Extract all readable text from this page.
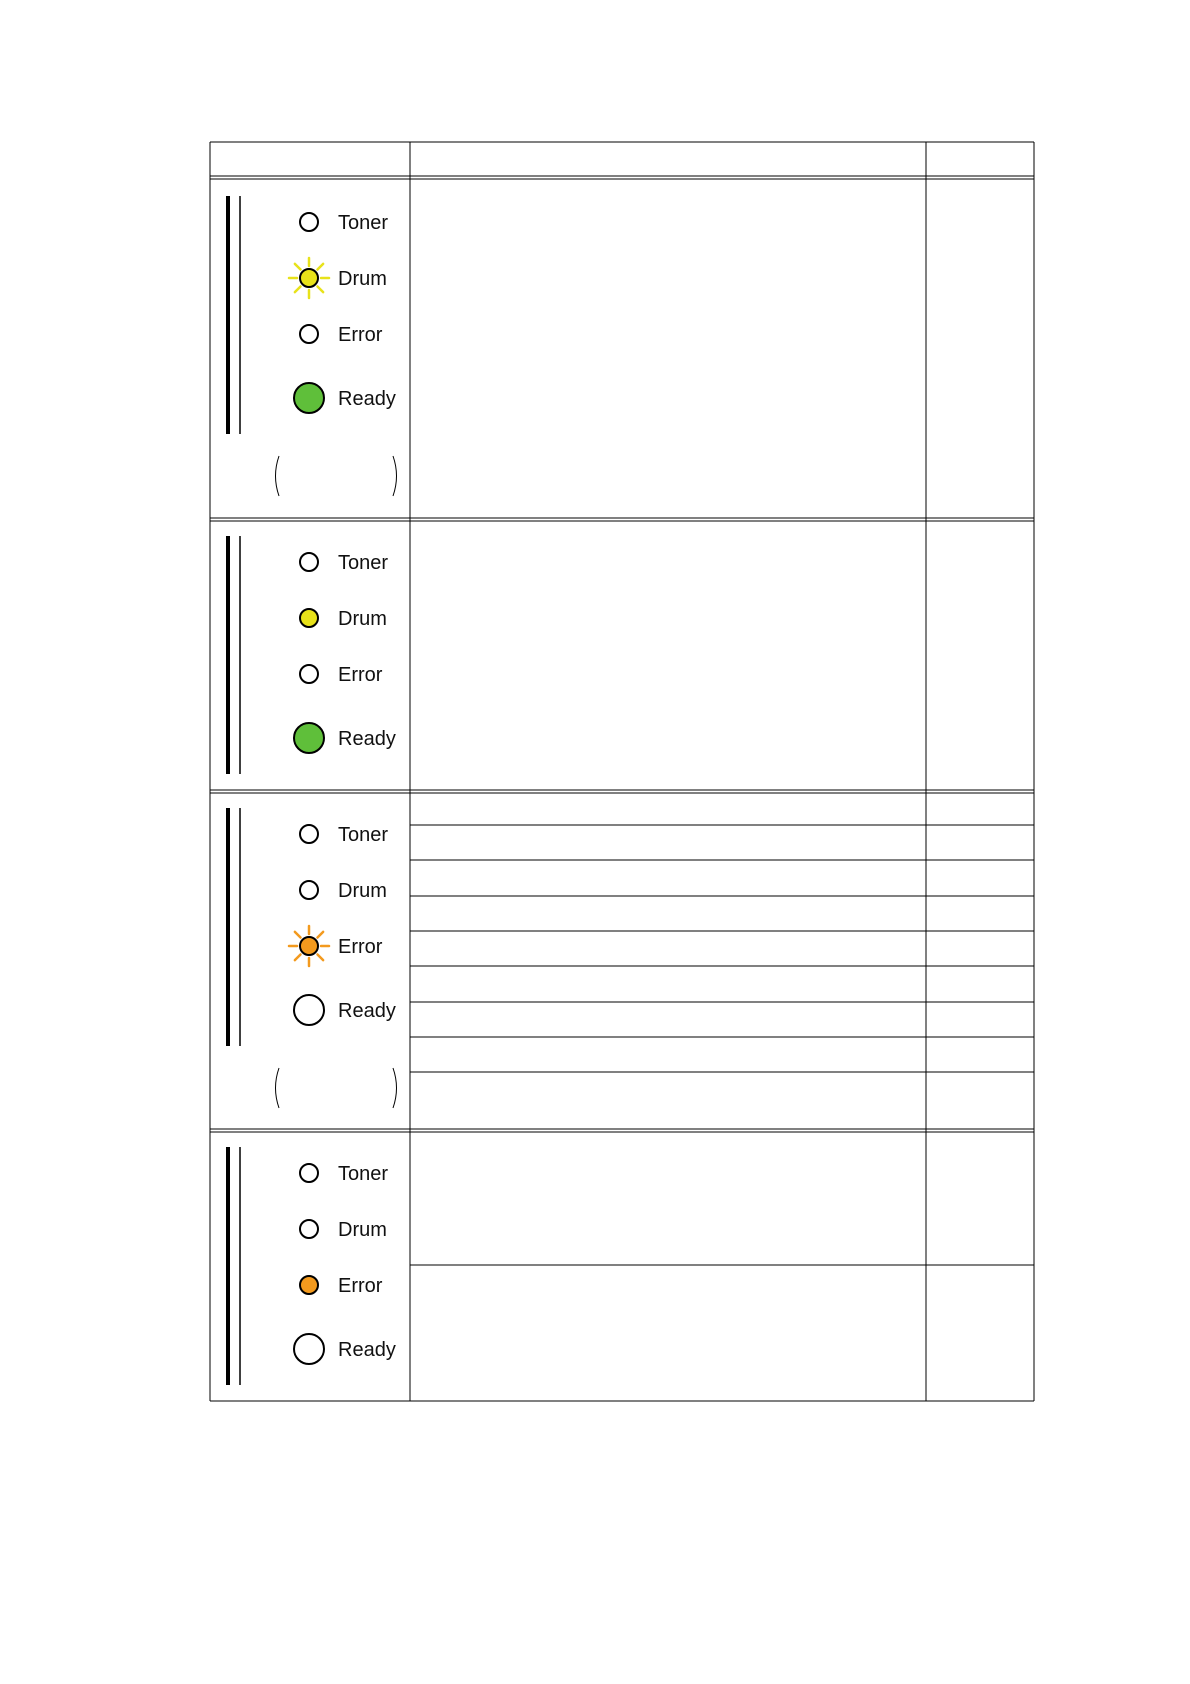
Toner
Drum
Error
Ready
Toner
Drum
Error
Ready
Toner
Drum
Error
Ready
Toner
Drum
Error
Ready
